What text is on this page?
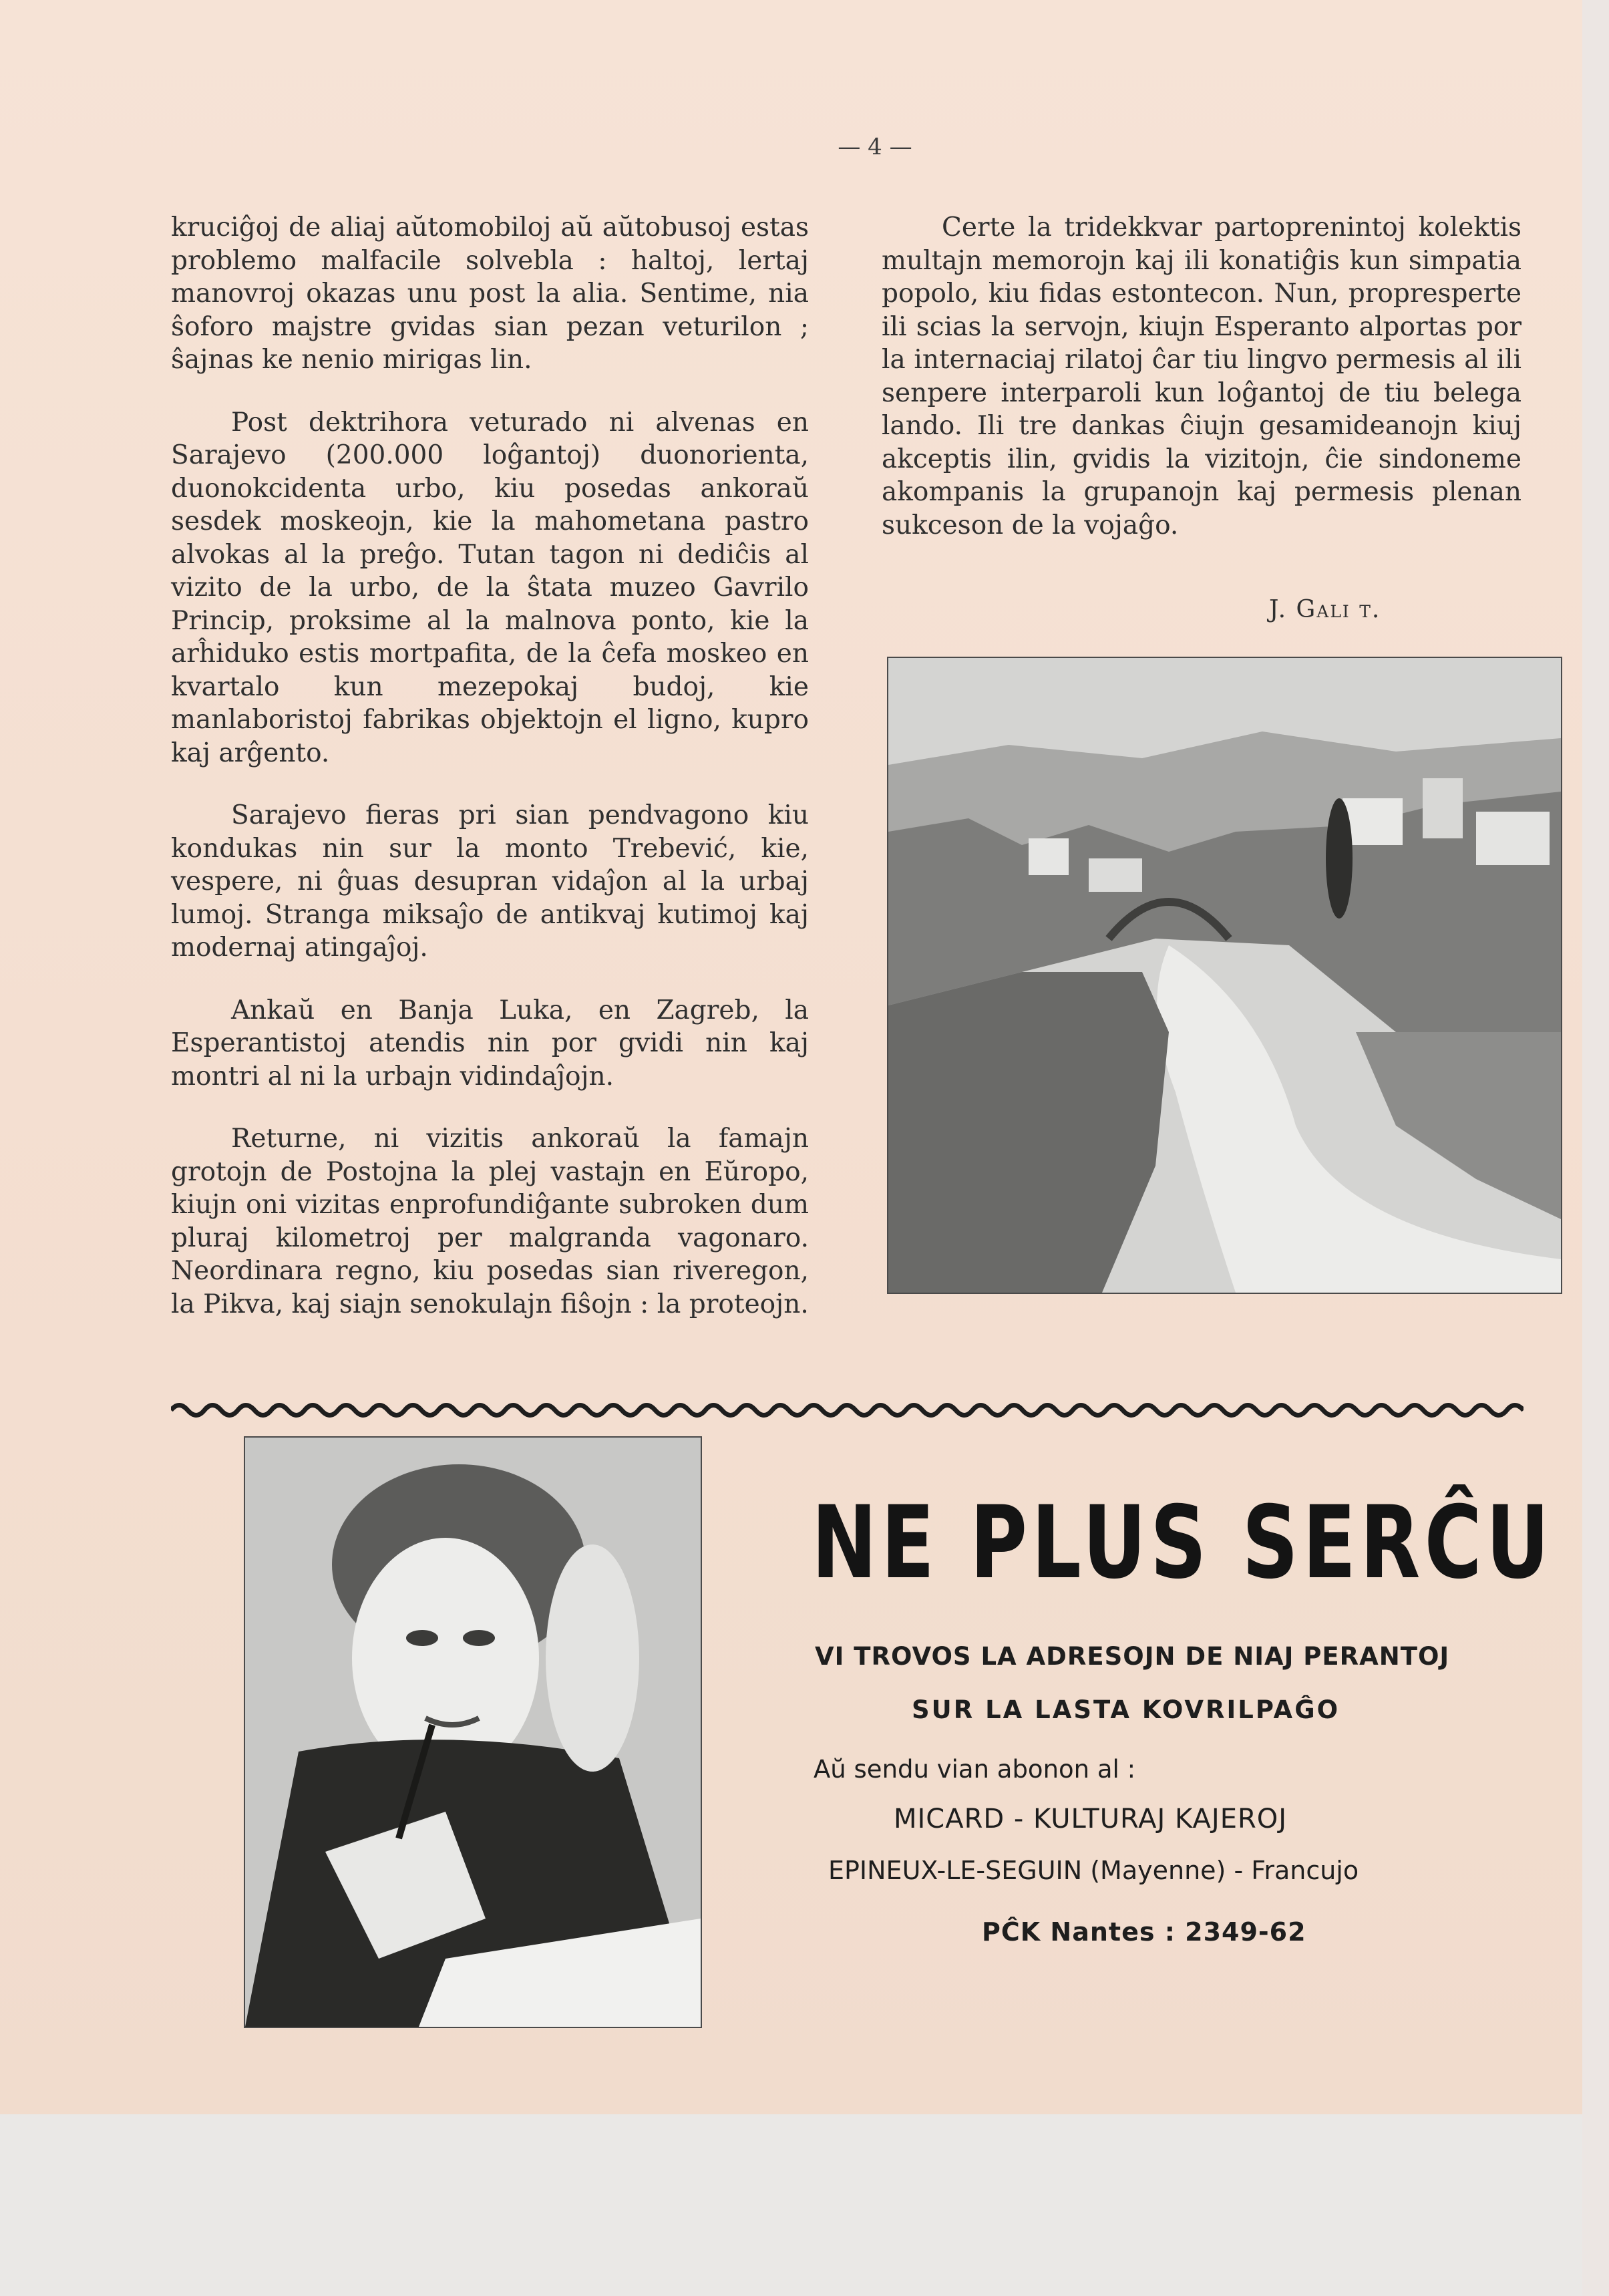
— 4 —

kruciĝoj de aliaj aŭtomobiloj aŭ aŭtobusoj estas problemo malfacile solvebla : haltoj, lertaj manovroj okazas unu post la alia. Sentime, nia ŝoforo majstre gvidas sian pezan veturilon ; ŝajnas ke nenio mirigas lin.

Post dektrihora veturado ni alvenas en Sarajevo (200.000 loĝantoj) duonorienta, duonokcidenta urbo, kiu posedas ankoraŭ sesdek moskeojn, kie la mahometana pastro alvokas al la preĝo. Tutan tagon ni dediĉis al vizito de la urbo, de la ŝtata muzeo Gavrilo Princip, proksime al la malnova ponto, kie la arĥiduko estis mortpafita, de la ĉefa moskeo en kvartalo kun mezepokaj budoj, kie manlaboristoj fabrikas objektojn el ligno, kupro kaj arĝento.

Sarajevo fieras pri sian pendvagono kiu kondukas nin sur la monto Trebević, kie, vespere, ni ĝuas desupran vidaĵon al la urbaj lumoj. Stranga miksaĵo de antikvaj kutimoj kaj modernaj atingaĵoj.

Ankaŭ en Banja Luka, en Zagreb, la Esperantistoj atendis nin por gvidi nin kaj montri al ni la urbajn vidindaĵojn.

Returne, ni vizitis ankoraŭ la famajn grotojn de Postojna la plej vastajn en Eŭropo, kiujn oni vizitas enprofundiĝante subroken dum pluraj kilometroj per malgranda vagonaro. Neordinara regno, kiu posedas sian riveregon, la Pikva, kaj siajn senokulajn fiŝojn : la proteojn.

Certe la tridekkvar partoprenintoj kolektis multajn memorojn kaj ili konatiĝis kun simpatia popolo, kiu fidas estontecon. Nun, propresperte ili scias la servojn, kiujn Esperanto alportas por la internaciaj rilatoj ĉar tiu lingvo permesis al ili senpere interparoli kun loĝantoj de tiu belega lando. Ili tre dankas ĉiujn gesamideanojn kiuj akceptis ilin, gvidis la vizitojn, ĉie sindoneme akompanis la grupanojn kaj permesis plenan sukceson de la vojaĝo.

J. Gali t.
NE PLUS SERĈU
VI TROVOS LA ADRESOJN DE NIAJ PERANTOJ
SUR LA LASTA KOVRILPAĜO
Aŭ sendu vian abonon al :
MICARD - KULTURAJ KAJEROJ
EPINEUX-LE-SEGUIN (Mayenne) - Francujo
PĈK Nantes : 2349-62
